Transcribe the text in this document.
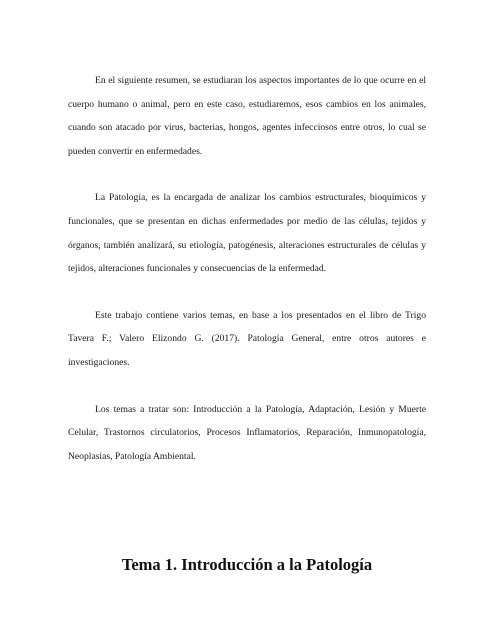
En el siguiente resumen, se estudiaran los aspectos importantes de lo que ocurre en el cuerpo humano o animal, pero en este caso, estudiaremos, esos cambios en los animales, cuando son atacado por virus, bacterias, hongos, agentes infecciosos entre otros, lo cual se pueden convertir en enfermedades.

La Patología, es la encargada de analizar los cambios estructurales, bioquímicos y funcionales, que se presentan en dichas enfermedades por medio de las células, tejidos y órganos, también analizará, su etiología, patogénesis, alteraciones estructurales de células y tejidos, alteraciones funcionales y consecuencias de la enfermedad.

Este trabajo contiene varios temas, en base a los presentados en el libro de Trigo Tavera F.; Valero Elizondo G. (2017). Patología General, entre otros autores e investigaciones.

Los temas a tratar son: Introducción a la Patología, Adaptación, Lesión y Muerte Celular, Trastornos circulatorios, Procesos Inflamatorios, Reparación, Inmunopatología, Neoplasias, Patología Ambiental.

Tema 1. Introducción a la Patología
